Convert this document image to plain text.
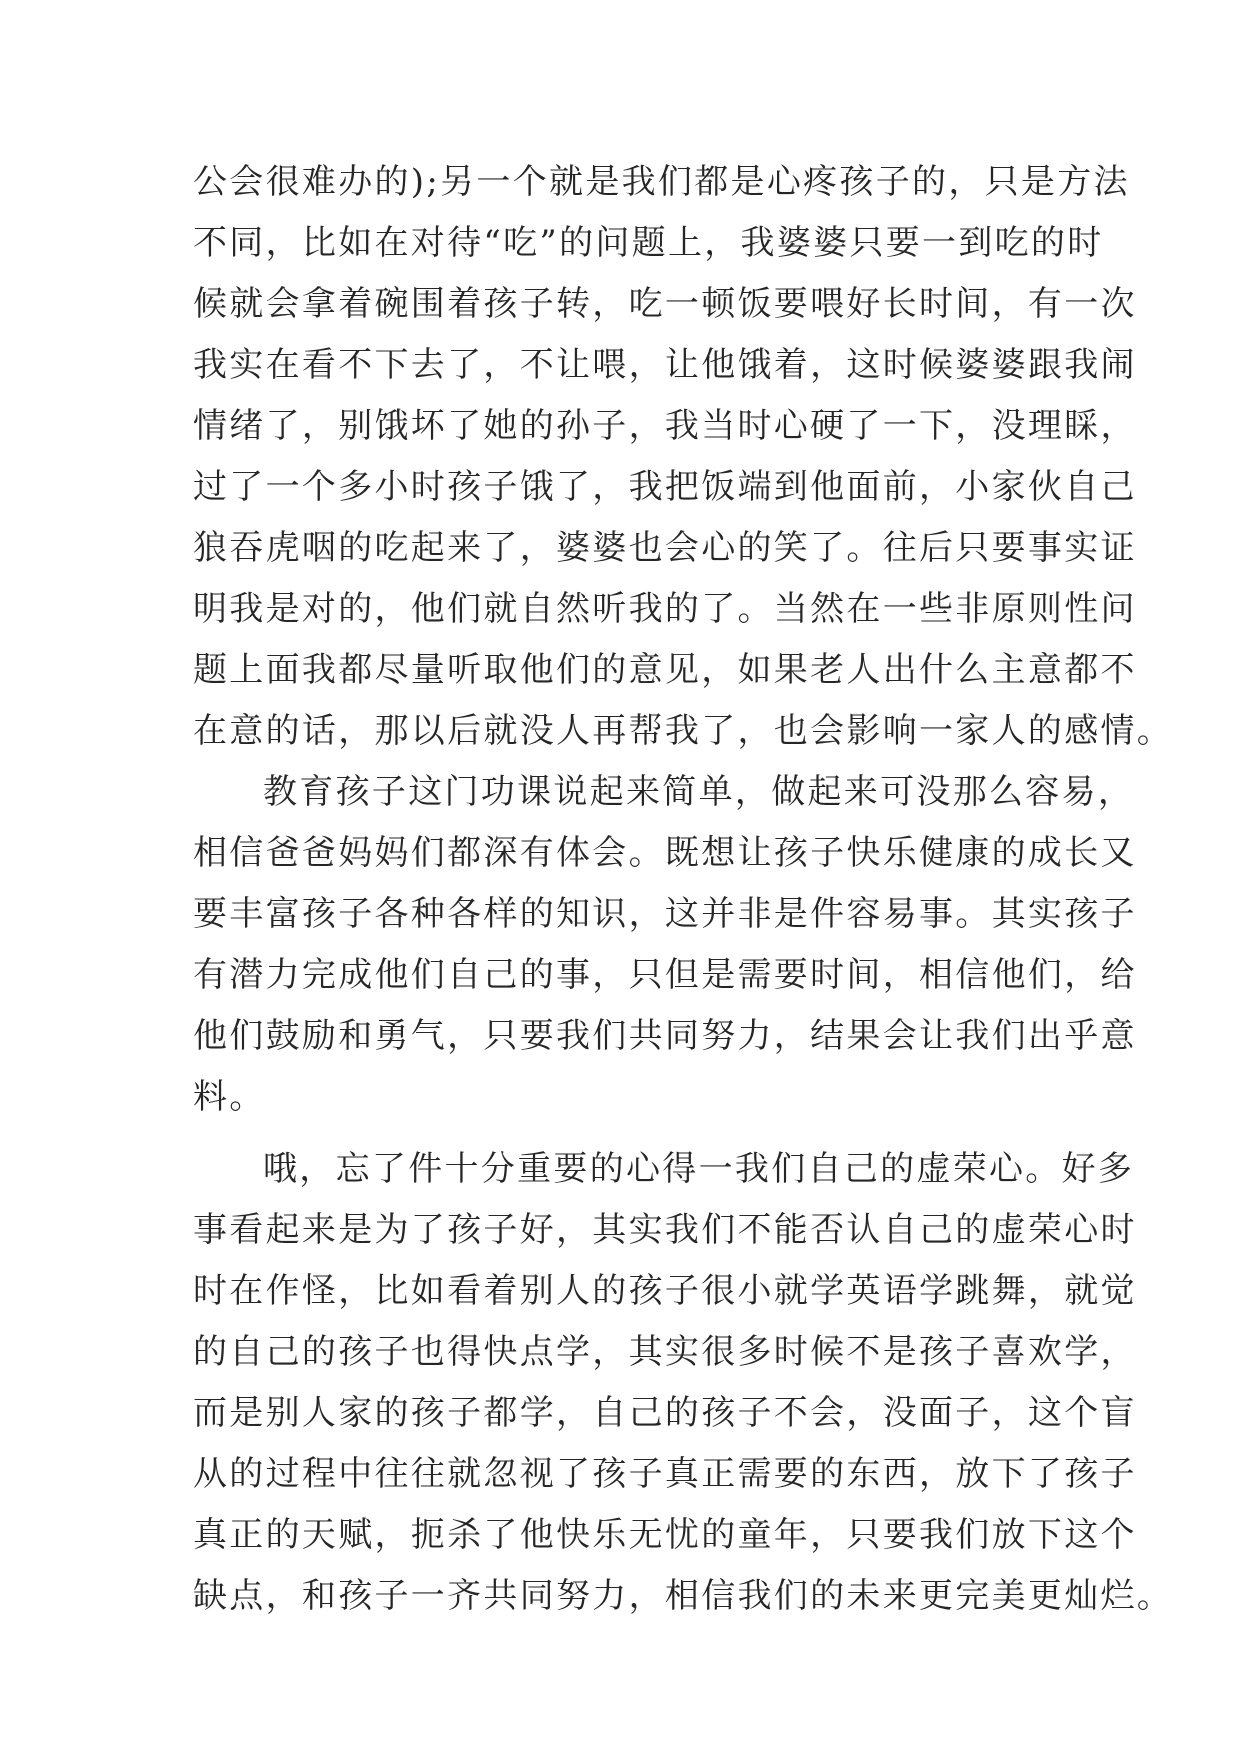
公会很难办的);另一个就是我们都是心疼孩子的，只是方法
不同，比如在对待“吃”的问题上，我婆婆只要一到吃的时
候就会拿着碗围着孩子转，吃一顿饭要喂好长时间，有一次
我实在看不下去了，不让喂，让他饿着，这时候婆婆跟我闹
情绪了，别饿坏了她的孙子，我当时心硬了一下，没理睬，
过了一个多小时孩子饿了，我把饭端到他面前，小家伙自己
狼吞虎咽的吃起来了，婆婆也会心的笑了。往后只要事实证
明我是对的，他们就自然听我的了。当然在一些非原则性问
题上面我都尽量听取他们的意见，如果老人出什么主意都不
在意的话，那以后就没人再帮我了，也会影响一家人的感情。
教育孩子这门功课说起来简单，做起来可没那么容易，
相信爸爸妈妈们都深有体会。既想让孩子快乐健康的成长又
要丰富孩子各种各样的知识，这并非是件容易事。其实孩子
有潜力完成他们自己的事，只但是需要时间，相信他们，给
他们鼓励和勇气，只要我们共同努力，结果会让我们出乎意
料。
哦，忘了件十分重要的心得一我们自己的虚荣心。好多
事看起来是为了孩子好，其实我们不能否认自己的虚荣心时
时在作怪，比如看着别人的孩子很小就学英语学跳舞，就觉
的自己的孩子也得快点学，其实很多时候不是孩子喜欢学，
而是别人家的孩子都学，自己的孩子不会，没面子，这个盲
从的过程中往往就忽视了孩子真正需要的东西，放下了孩子
真正的天赋，扼杀了他快乐无忧的童年，只要我们放下这个
缺点，和孩子一齐共同努力，相信我们的未来更完美更灿烂。
